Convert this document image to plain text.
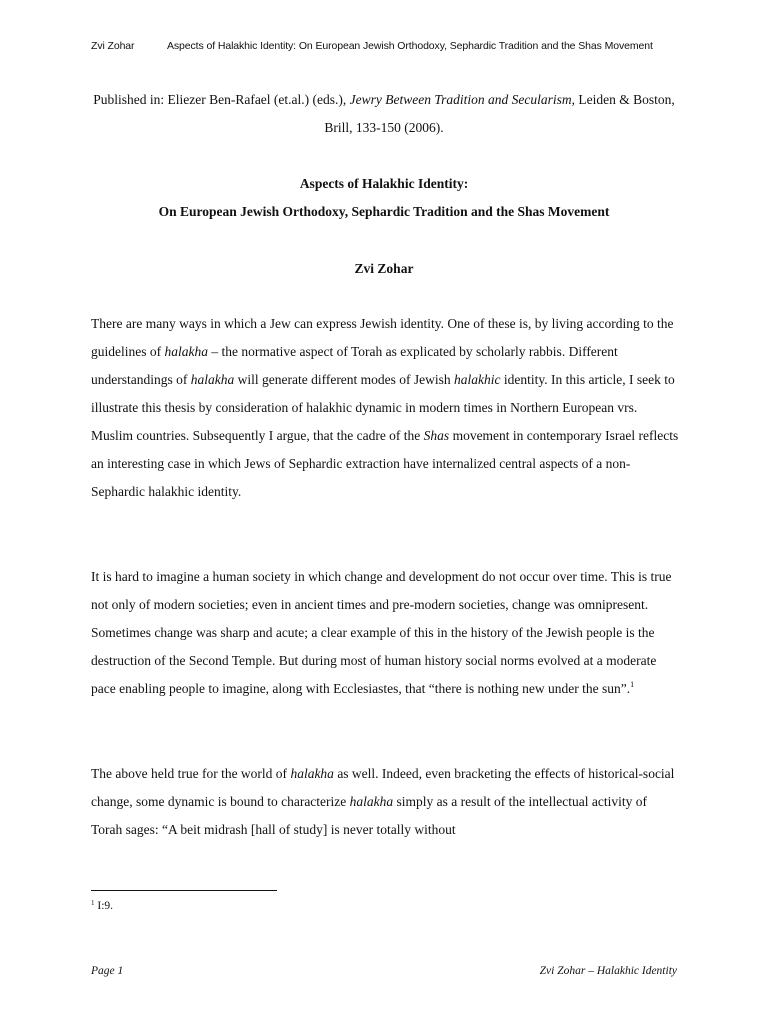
Zvi Zohar	Aspects of Halakhic Identity: On European Jewish Orthodoxy, Sephardic Tradition and the Shas Movement
Published in: Eliezer Ben-Rafael (et.al.) (eds.), Jewry Between Tradition and Secularism, Leiden & Boston, Brill, 133-150 (2006).
Aspects of Halakhic Identity:
On European Jewish Orthodoxy, Sephardic Tradition and the Shas Movement
Zvi Zohar

There are many ways in which a Jew can express Jewish identity. One of these is, by living according to the guidelines of halakha – the normative aspect of Torah as explicated by scholarly rabbis. Different understandings of halakha will generate different modes of Jewish halakhic identity. In this article, I seek to illustrate this thesis by consideration of halakhic dynamic in modern times in Northern European vrs. Muslim countries. Subsequently I argue, that the cadre of the Shas movement in contemporary Israel reflects an interesting case in which Jews of Sephardic extraction have internalized central aspects of a non-Sephardic halakhic identity.

It is hard to imagine a human society in which change and development do not occur over time. This is true not only of modern societies; even in ancient times and pre-modern societies, change was omnipresent. Sometimes change was sharp and acute; a clear example of this in the history of the Jewish people is the destruction of the Second Temple. But during most of human history social norms evolved at a moderate pace enabling people to imagine, along with Ecclesiastes, that “there is nothing new under the sun”.$^1$

The above held true for the world of halakha as well. Indeed, even bracketing the effects of historical-social change, some dynamic is bound to characterize halakha simply as a result of the intellectual activity of Torah sages: “A beit midrash [hall of study] is never totally without

$^1$ I:9.
Page 1	Zvi Zohar – Halakhic Identity
